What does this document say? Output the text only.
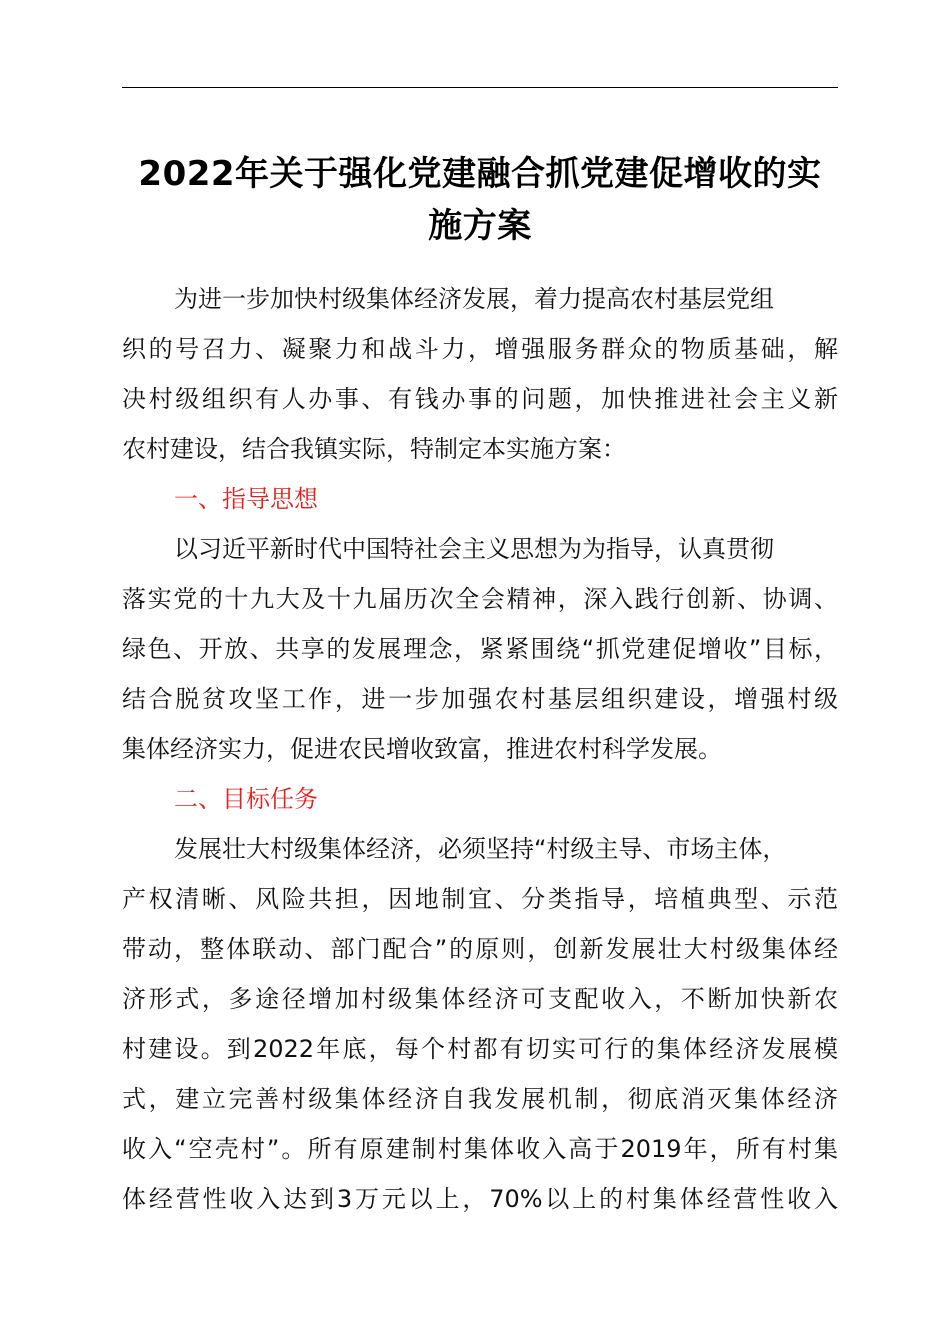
2022年关于强化党建融合抓党建促增收的实
施方案
为进一步加快村级集体经济发展，着力提高农村基层党组
织的号召力、凝聚力和战斗力，增强服务群众的物质基础，解
决村级组织有人办事、有钱办事的问题，加快推进社会主义新
农村建设，结合我镇实际，特制定本实施方案：
一、指导思想
以习近平新时代中国特社会主义思想为为指导，认真贯彻
落实党的十九大及十九届历次全会精神，深入践行创新、协调、
绿色、开放、共享的发展理念，紧紧围绕“抓党建促增收”目标，
结合脱贫攻坚工作，进一步加强农村基层组织建设，增强村级
集体经济实力，促进农民增收致富，推进农村科学发展。
二、目标任务
发展壮大村级集体经济，必须坚持“村级主导、市场主体，
产权清晰、风险共担，因地制宜、分类指导，培植典型、示范
带动，整体联动、部门配合”的原则，创新发展壮大村级集体经
济形式，多途径增加村级集体经济可支配收入，不断加快新农
村建设。到2022年底，每个村都有切实可行的集体经济发展模
式，建立完善村级集体经济自我发展机制，彻底消灭集体经济
收入“空壳村”。所有原建制村集体收入高于2019年，所有村集
体经营性收入达到3万元以上，70%以上的村集体经营性收入
